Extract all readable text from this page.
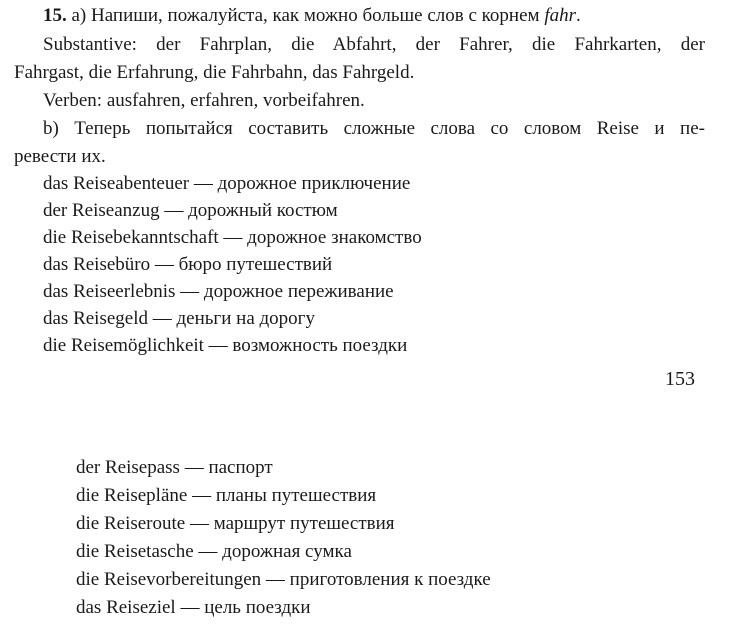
15. a) Напиши, пожалуйста, как можно больше слов с корнем fahr.
Substantive: der Fahrplan, die Abfahrt, der Fahrer, die Fahrkarten, der
Fahrgast, die Erfahrung, die Fahrbahn, das Fahrgeld.
Verben: ausfahren, erfahren, vorbeifahren.
b) Теперь попытайся составить сложные слова со словом Reise и пе-
ревести их.
das Reiseabenteuer — дорожное приключение
der Reiseanzug — дорожный костюм
die Reisebekanntschaft — дорожное знакомство
das Reisebüro — бюро путешествий
das Reiseerlebnis — дорожное переживание
das Reisegeld — деньги на дорогу
die Reisemöglichkeit — возможность поездки
153
der Reisepass — паспорт
die Reisepläne — планы путешествия
die Reiseroute — маршрут путешествия
die Reisetasche — дорожная сумка
die Reisevorbereitungen — приготовления к поездке
das Reiseziel — цель поездки
